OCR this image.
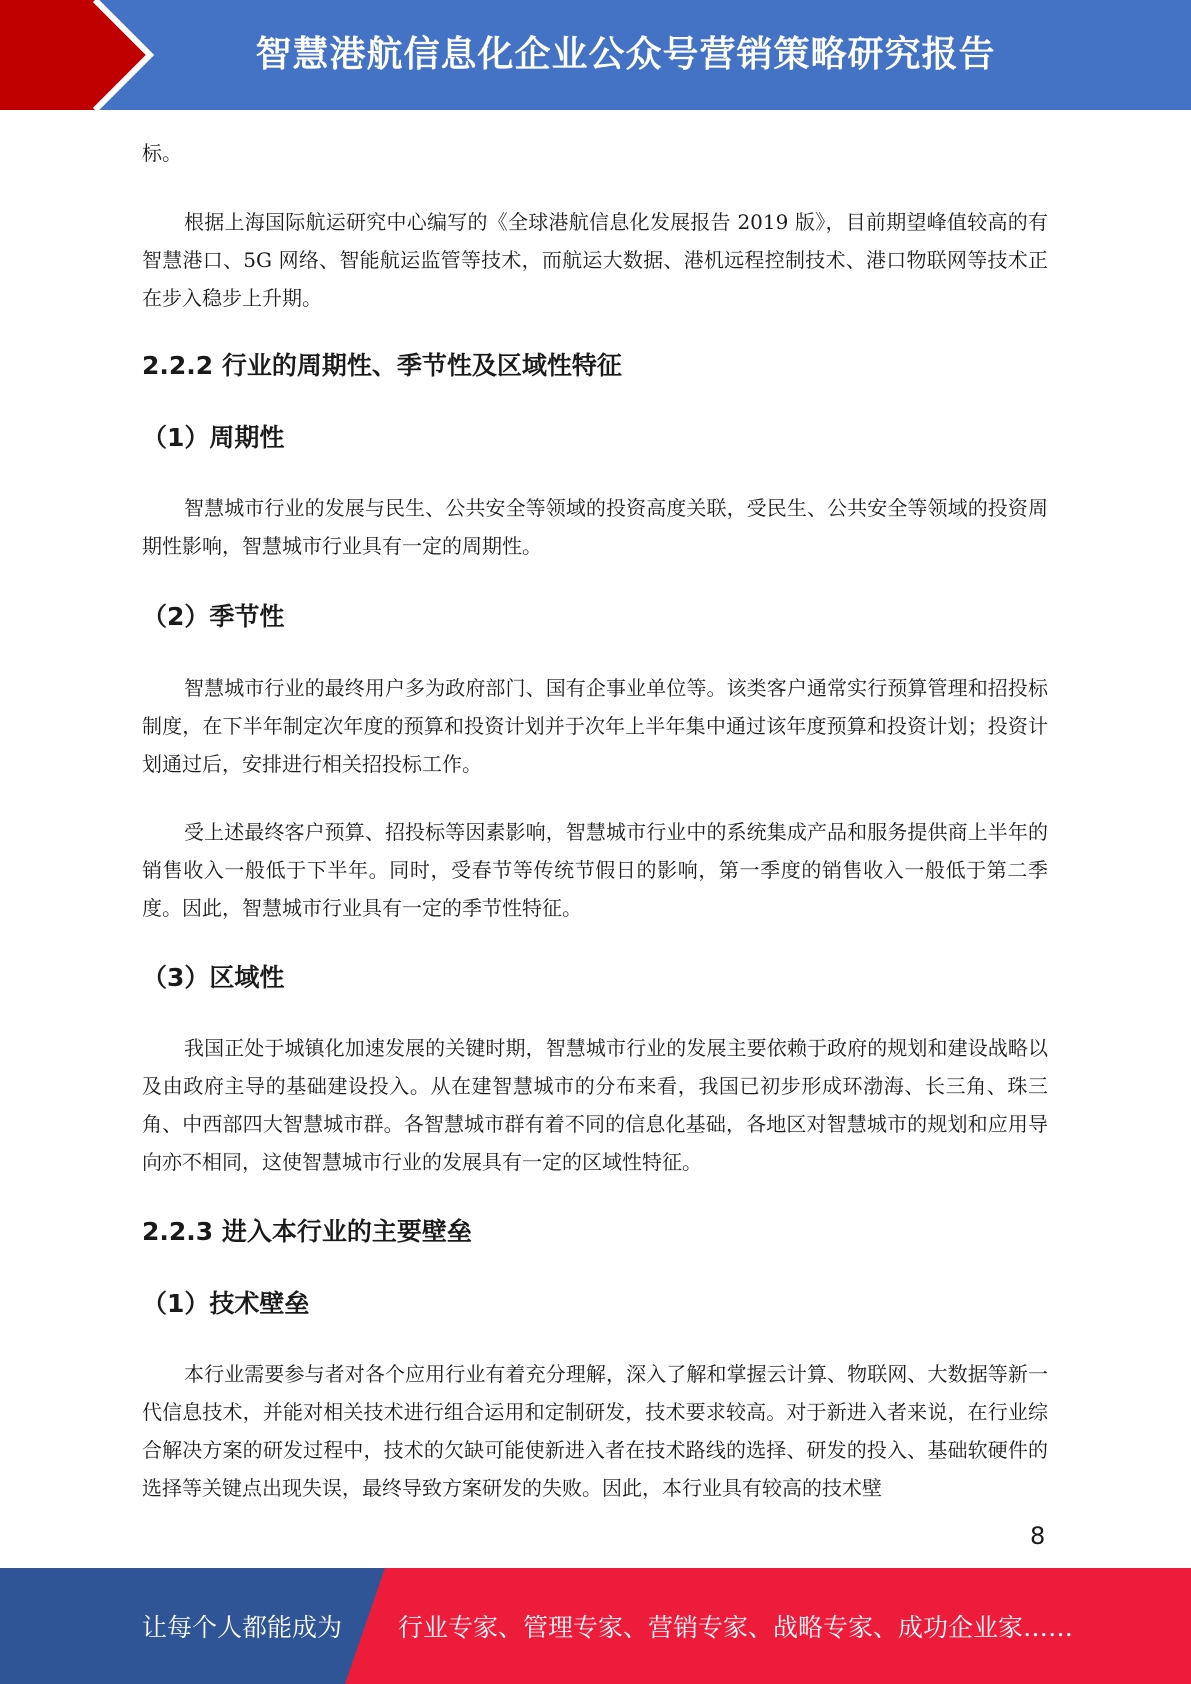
智慧港航信息化企业公众号营销策略研究报告

标。

根据上海国际航运研究中心编写的《全球港航信息化发展报告 2019 版》，目前期望峰值较高的有智慧港口、5G 网络、智能航运监管等技术，而航运大数据、港机远程控制技术、港口物联网等技术正在步入稳步上升期。

2.2.2 行业的周期性、季节性及区域性特征
（1）周期性

智慧城市行业的发展与民生、公共安全等领域的投资高度关联，受民生、公共安全等领域的投资周期性影响，智慧城市行业具有一定的周期性。

（2）季节性

智慧城市行业的最终用户多为政府部门、国有企事业单位等。该类客户通常实行预算管理和招投标制度，在下半年制定次年度的预算和投资计划并于次年上半年集中通过该年度预算和投资计划；投资计划通过后，安排进行相关招投标工作。

受上述最终客户预算、招投标等因素影响，智慧城市行业中的系统集成产品和服务提供商上半年的销售收入一般低于下半年。同时，受春节等传统节假日的影响，第一季度的销售收入一般低于第二季度。因此，智慧城市行业具有一定的季节性特征。

（3）区域性

我国正处于城镇化加速发展的关键时期，智慧城市行业的发展主要依赖于政府的规划和建设战略以及由政府主导的基础建设投入。从在建智慧城市的分布来看，我国已初步形成环渤海、长三角、珠三角、中西部四大智慧城市群。各智慧城市群有着不同的信息化基础，各地区对智慧城市的规划和应用导向亦不相同，这使智慧城市行业的发展具有一定的区域性特征。

2.2.3 进入本行业的主要壁垒
（1）技术壁垒

本行业需要参与者对各个应用行业有着充分理解，深入了解和掌握云计算、物联网、大数据等新一代信息技术，并能对相关技术进行组合运用和定制研发，技术要求较高。对于新进入者来说，在行业综合解决方案的研发过程中，技术的欠缺可能使新进入者在技术路线的选择、研发的投入、基础软硬件的选择等关键点出现失误，最终导致方案研发的失败。因此，本行业具有较高的技术壁

8
让每个人都能成为 行业专家、管理专家、营销专家、战略专家、成功企业家……
